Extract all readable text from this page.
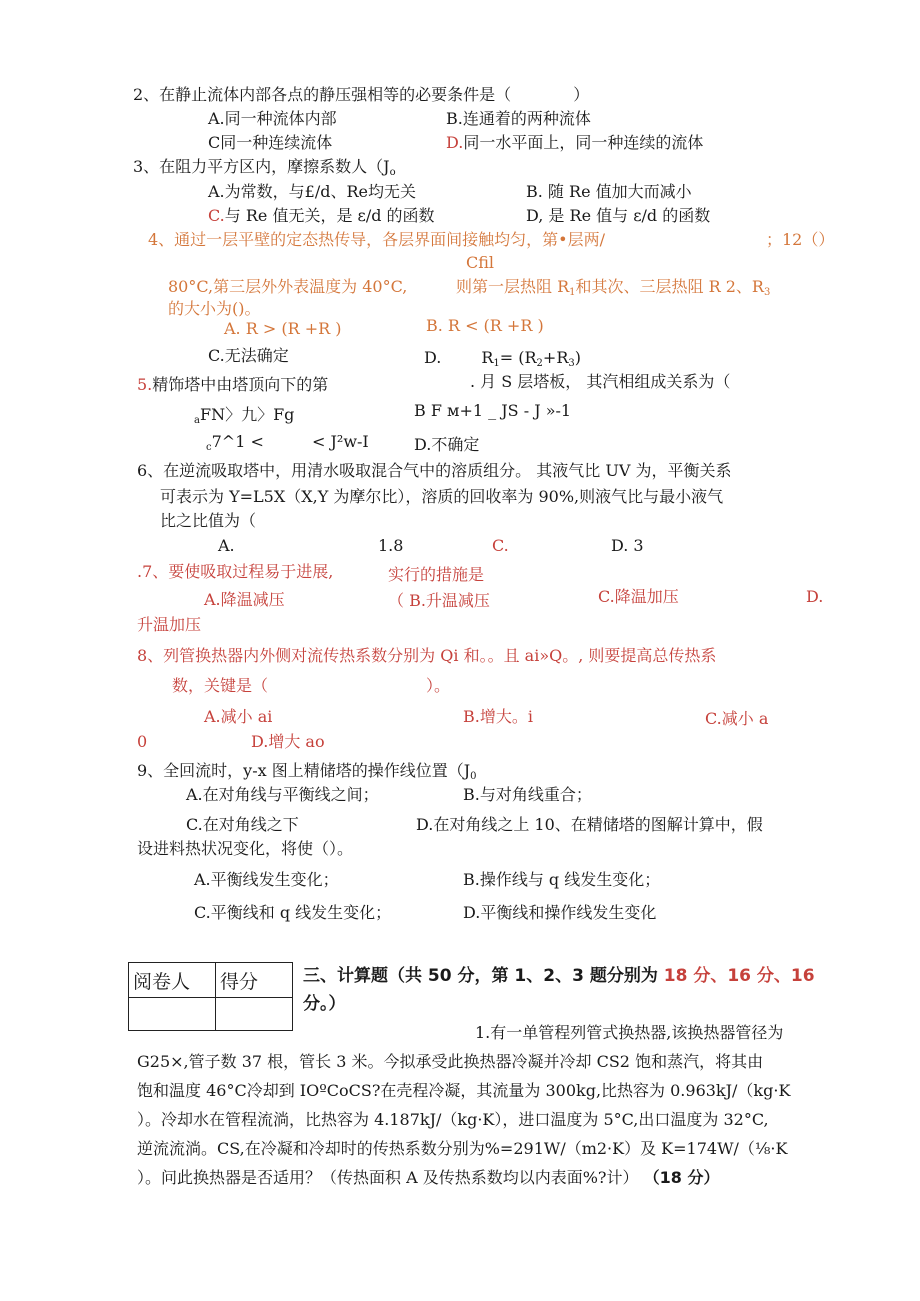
2、在静止流体内部各点的静压强相等的必要条件是（	）
A.同一种流体内部	B.连通着的两种流体
C同一种连续流体	D.同一水平面上，同一种连续的流体
3、在阻力平方区内，摩擦系数人（$J_o$
A.为常数，与£/d、Re均无关	B. 随 Re 值加大而减小
C.与 Re 值无关，是 ε/d 的函数	D, 是 Re 值与 ε/d 的函数
4、通过一层平壁的定态热传导，各层界面间接触均匀，第•层两/	；12（）
Cfil
80°C,第三层外外表温度为 40°C,	则第一层热阻 $R_1$和其次、三层热阻 R 2、$R_3$
的大小为()。
A. R > (R +R )	B. R < (R +R )
C.无法确定	D.	$R_1= (R_2+R_3)$
5.精饰塔中由塔顶向下的第	. 月 S 层塔板， 其汽相组成关系为（
$_a$FN〉九〉Fg	B F м+1 _ JS - J »-1
$_c$7^1 <	< J²w-I	D.不确定
6、在逆流吸取塔中，用清水吸取混合气中的溶质组分。 其液气比 UV 为，平衡关系
可表示为 Y=L5X（X,Y 为摩尔比），溶质的回收率为 90%,则液气比与最小液气
比之比值为（
A.	1.8	C.	D. 3
.7、要使吸取过程易于进展,	实行的措施是
A.降温减压	（ B.升温减压	C.降温加压	D.
升温加压
8、列管换热器内外侧对流传热系数分别为 Qi 和。。且 ai»Q。, 则要提高总传热系
数，关键是（	）。
A.减小 ai	B.增大。i	C.减小 a
0	D.增大 ao
9、全回流时，y-x 图上精储塔的操作线位置（$J_0$
A.在对角线与平衡线之间；	B.与对角线重合；
C.在对角线之下	D.在对角线之上 10、在精储塔的图解计算中，假
设进料热状况变化，将使（）。
A.平衡线发生变化；	B.操作线与 q 线发生变化；
C.平衡线和 q 线发生变化；	D.平衡线和操作线发生变化
阅卷人	得分
		三、计算题（共 50 分，第 1、2、3 题分别为 18 分、16 分、16
分。）
1.有一单管程列管式换热器,该换热器管径为
G25×,管子数 37 根，管长 3 米。今拟承受此换热器冷凝并冷却 CS2 饱和蒸汽，将其由
饱和温度 46°C冷却到 IOºCoCS?在壳程冷凝，其流量为 300kg,比热容为 0.963kJ/（kg·K
）。冷却水在管程流淌，比热容为 4.187kJ/（kg·K），进口温度为 5°C,出口温度为 32°C,
逆流流淌。CS,在冷凝和冷却时的传热系数分别为%=291W/（m2·K）及 K=174W/（⅛·K
）。问此换热器是否适用？（传热面积 A 及传热系数均以内表面%?计） （18 分）
